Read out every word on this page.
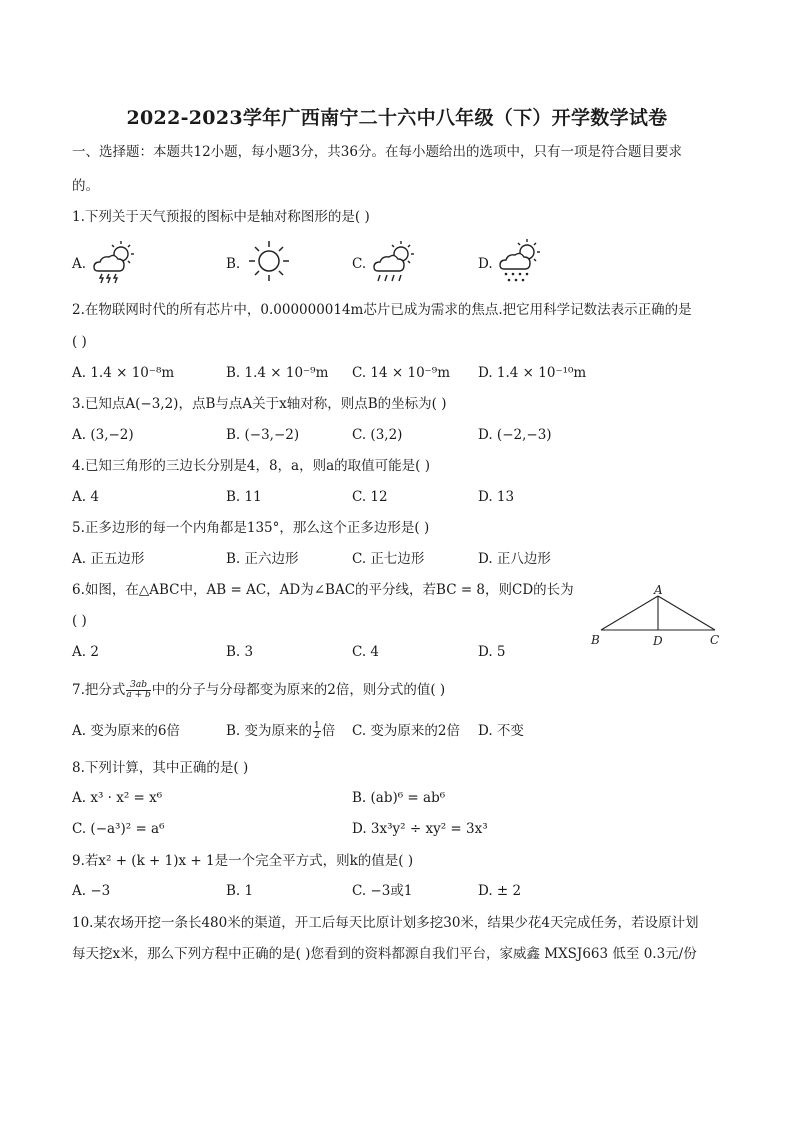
2022-2023学年广西南宁二十六中八年级（下）开学数学试卷
一、选择题：本题共12小题，每小题3分，共36分。在每小题给出的选项中，只有一项是符合题目要求
的。
1.下列关于天气预报的图标中是轴对称图形的是( )
A.	B.	C.	D.
2.在物联网时代的所有芯片中，0.000000014m芯片已成为需求的焦点.把它用科学记数法表示正确的是
( )
A. 1.4 × 10⁻⁸m	B. 1.4 × 10⁻⁹m C. 14 × 10⁻⁹m D. 1.4 × 10⁻¹⁰m
3.已知点A(−3,2)，点B与点A关于x轴对称，则点B的坐标为( )
A. (3,−2)	B. (−3,−2)	C. (3,2)	D. (−2,−3)
4.已知三角形的三边长分别是4，8，a，则a的取值可能是( )
A. 4	B. 11	C. 12	D. 13
5.正多边形的每一个内角都是135°，那么这个正多边形是( )
A. 正五边形	B. 正六边形	C. 正七边形	D. 正八边形
6.如图，在△ABC中，AB = AC，AD为∠BAC的平分线，若BC = 8，则CD的长为
( )
A. 2	B. 3	C. 4	D. 5
A
B	C
D
7.把分式 $\frac{3ab}{a + b}$ 中的分子与分母都变为原来的2倍，则分式的值( )
A. 变为原来的6倍	B. 变为原来的 $\frac{1}{2}$ 倍 C. 变为原来的2倍 D. 不变
8.下列计算，其中正确的是( )
A. x³ · x² = x⁶	B. (ab)⁶ = ab⁶
C. (−a³)² = a⁶	D. 3x³y² ÷ xy² = 3x³
9.若x² + (k + 1)x + 1是一个完全平方式，则k的值是( )
A. −3	B. 1	C. −3或1	D. ± 2
10.某农场开挖一条长480米的渠道，开工后每天比原计划多挖30米，结果少花4天完成任务，若设原计划
每天挖x米，那么下列方程中正确的是( )您看到的资料都源自我们平台，家威鑫 MXSJ663 低至 0.3元/份
